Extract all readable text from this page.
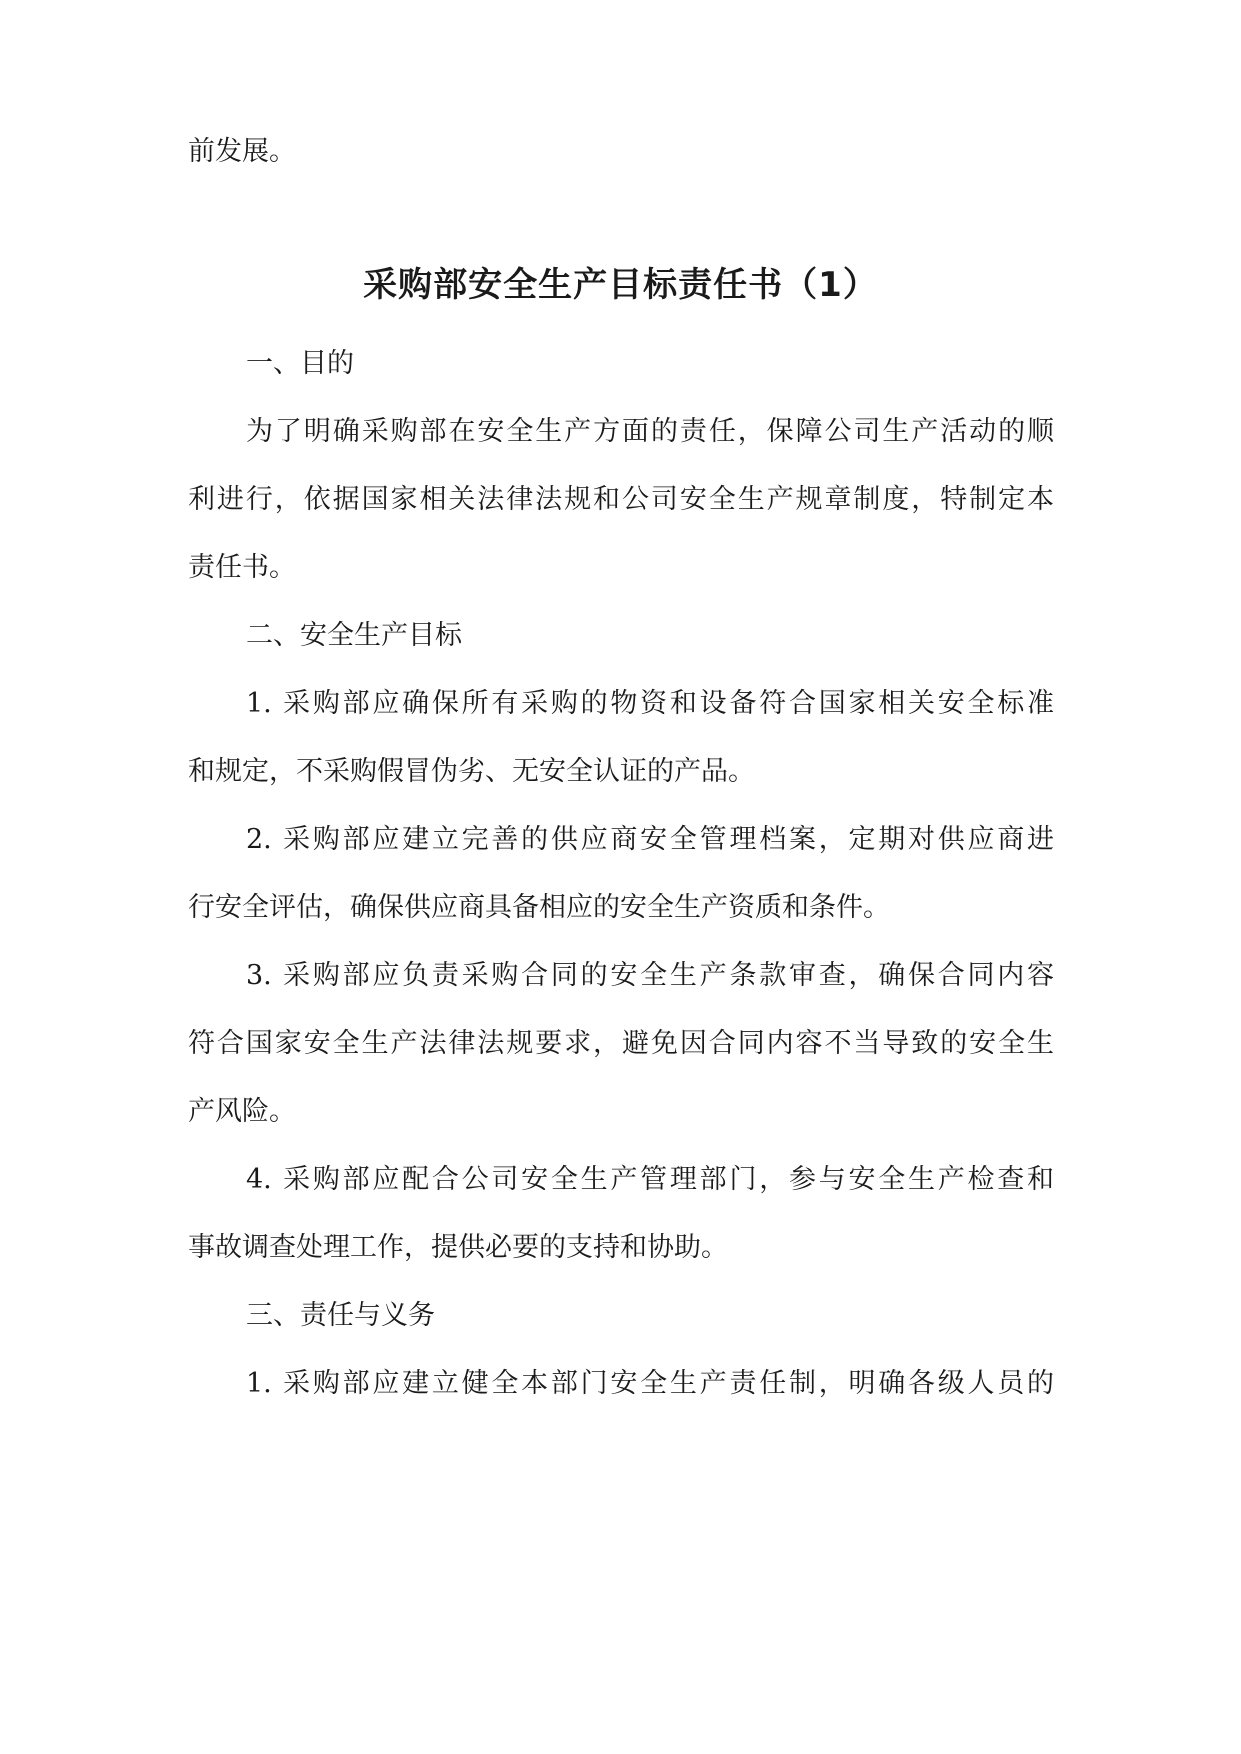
前发展。
采购部安全生产目标责任书（1）
一、目的
为了明确采购部在安全生产方面的责任，保障公司生产活动的顺
利进行，依据国家相关法律法规和公司安全生产规章制度，特制定本
责任书。
二、安全生产目标
1. 采购部应确保所有采购的物资和设备符合国家相关安全标准
和规定，不采购假冒伪劣、无安全认证的产品。
2. 采购部应建立完善的供应商安全管理档案，定期对供应商进
行安全评估，确保供应商具备相应的安全生产资质和条件。
3. 采购部应负责采购合同的安全生产条款审查，确保合同内容
符合国家安全生产法律法规要求，避免因合同内容不当导致的安全生
产风险。
4. 采购部应配合公司安全生产管理部门，参与安全生产检查和
事故调查处理工作，提供必要的支持和协助。
三、责任与义务
1. 采购部应建立健全本部门安全生产责任制，明确各级人员的
